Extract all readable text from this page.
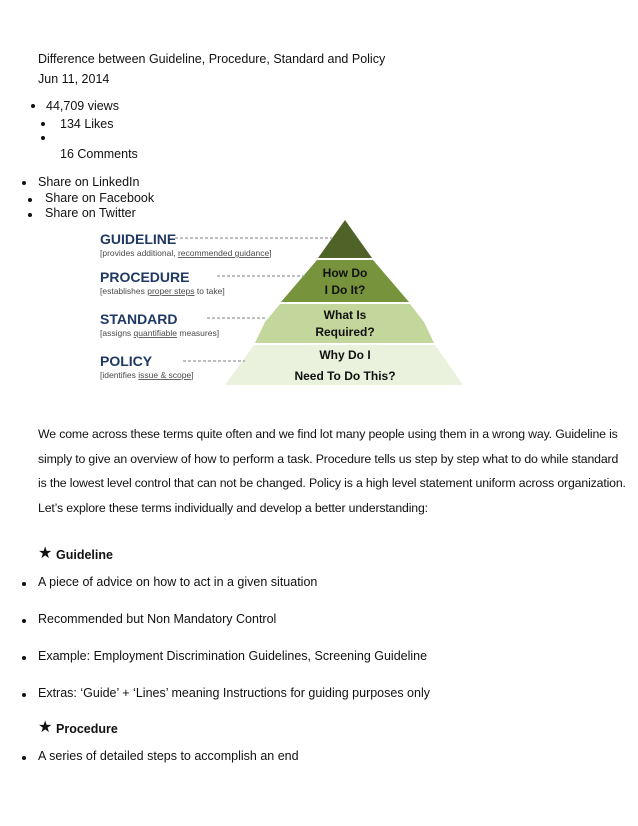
Difference between Guideline, Procedure, Standard and Policy
Jun 11, 2014
44,709 views
134 Likes
16 Comments
Share on LinkedIn
Share on Facebook
Share on Twitter
GUIDELINE
[provides additional, recommended guidance]
PROCEDURE
[establishes proper steps to take]
STANDARD
[assigns quantifiable measures]
POLICY
[identifies issue & scope]
How Do
I Do It?
What Is
Required?
Why Do I
Need To Do This?

We come across these terms quite often and we find lot many people using them in a wrong way. Guideline is

simply to give an overview of how to perform a task. Procedure tells us step by step what to do while standard

is the lowest level control that can not be changed. Policy is a high level statement uniform across organization.

Let’s explore these terms individually and develop a better understanding:

★ Guideline
A piece of advice on how to act in a given situation
Recommended but Non Mandatory Control
Example: Employment Discrimination Guidelines, Screening Guideline
Extras: ‘Guide’ + ‘Lines’ meaning Instructions for guiding purposes only
★ Procedure
A series of detailed steps to accomplish an end
